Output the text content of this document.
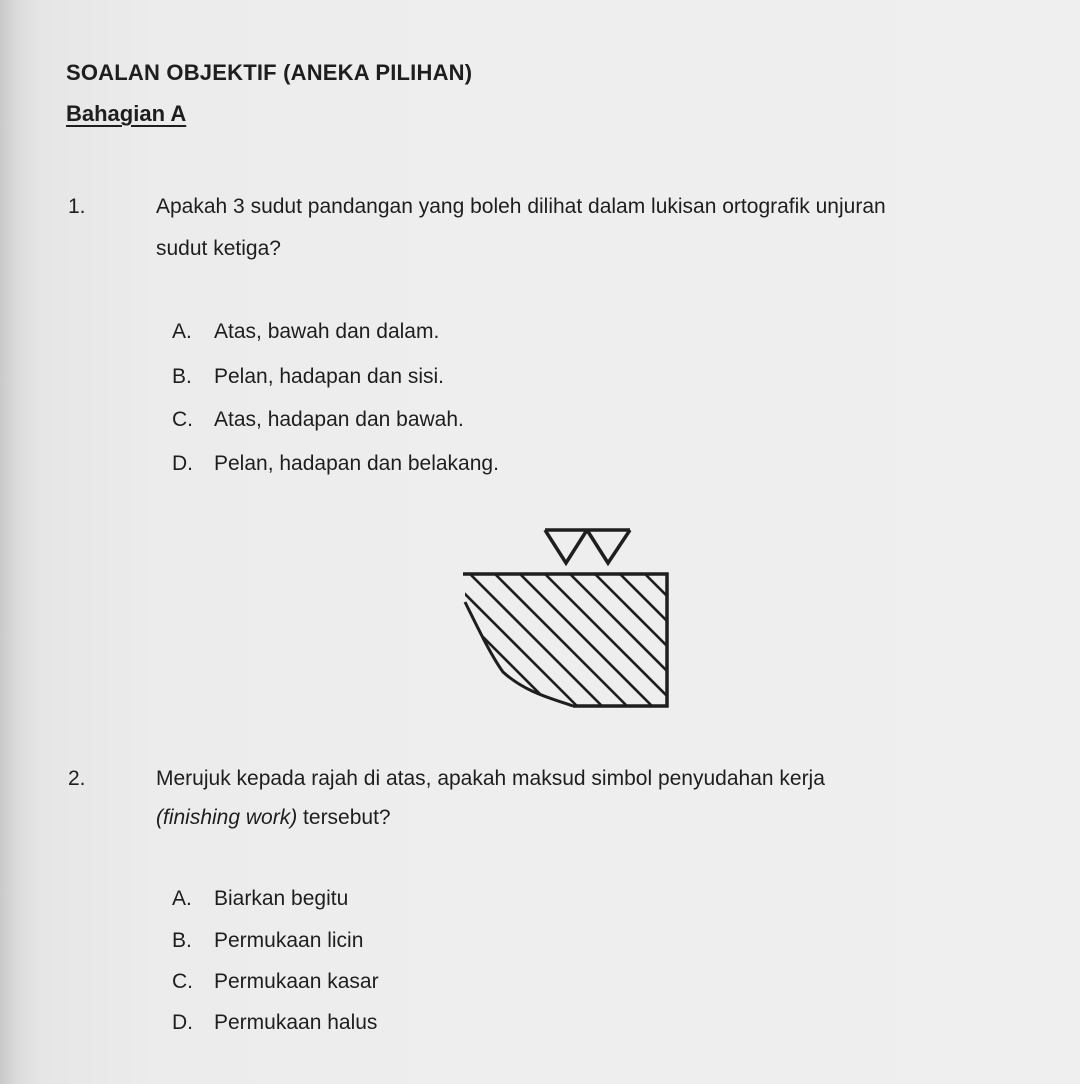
SOALAN OBJEKTIF (ANEKA PILIHAN)
Bahagian A
1.	Apakah 3 sudut pandangan yang boleh dilihat dalam lukisan ortografik unjuran
sudut ketiga?
A. Atas, bawah dan dalam.
B. Pelan, hadapan dan sisi.
C. Atas, hadapan dan bawah.
D. Pelan, hadapan dan belakang.
2.	Merujuk kepada rajah di atas, apakah maksud simbol penyudahan kerja
(finishing work) tersebut?
A. Biarkan begitu
B. Permukaan licin
C. Permukaan kasar
D. Permukaan halus
